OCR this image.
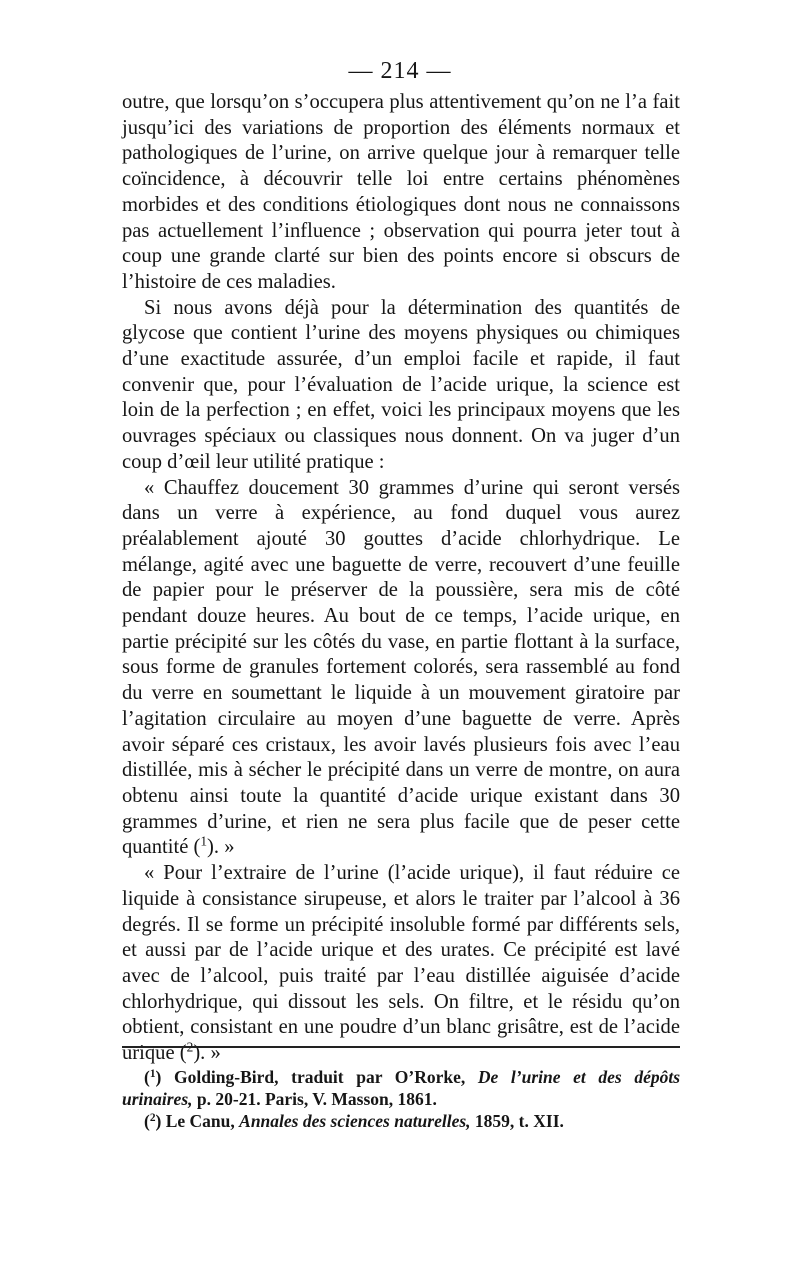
— 214 —

outre, que lorsqu’on s’occupera plus attentivement qu’on ne l’a fait jusqu’ici des variations de proportion des éléments normaux et pathologiques de l’urine, on arrive quelque jour à remarquer telle coïncidence, à découvrir telle loi entre certains phénomènes morbides et des conditions étiologiques dont nous ne connaissons pas actuellement l’influence ; observation qui pourra jeter tout à coup une grande clarté sur bien des points encore si obscurs de l’histoire de ces maladies.

Si nous avons déjà pour la détermination des quantités de glycose que contient l’urine des moyens physiques ou chimiques d’une exactitude assurée, d’un emploi facile et rapide, il faut convenir que, pour l’évaluation de l’acide urique, la science est loin de la perfection ; en effet, voici les principaux moyens que les ouvrages spéciaux ou classiques nous donnent. On va juger d’un coup d’œil leur utilité pratique :

« Chauffez doucement 30 grammes d’urine qui seront versés dans un verre à expérience, au fond duquel vous aurez préalablement ajouté 30 gouttes d’acide chlorhydrique. Le mélange, agité avec une baguette de verre, recouvert d’une feuille de papier pour le préserver de la poussière, sera mis de côté pendant douze heures. Au bout de ce temps, l’acide urique, en partie précipité sur les côtés du vase, en partie flottant à la surface, sous forme de granules fortement colorés, sera rassemblé au fond du verre en soumettant le liquide à un mouvement giratoire par l’agitation circulaire au moyen d’une baguette de verre. Après avoir séparé ces cristaux, les avoir lavés plusieurs fois avec l’eau distillée, mis à sécher le précipité dans un verre de montre, on aura obtenu ainsi toute la quantité d’acide urique existant dans 30 grammes d’urine, et rien ne sera plus facile que de peser cette quantité ($^1$). »

« Pour l’extraire de l’urine (l’acide urique), il faut réduire ce liquide à consistance sirupeuse, et alors le traiter par l’alcool à 36 degrés. Il se forme un précipité insoluble formé par différents sels, et aussi par de l’acide urique et des urates. Ce précipité est lavé avec de l’alcool, puis traité par l’eau distillée aiguisée d’acide chlorhydrique, qui dissout les sels. On filtre, et le résidu qu’on obtient, consistant en une poudre d’un blanc grisâtre, est de l’acide urique ($^2$). »

($^1$) Golding-Bird, traduit par O’Rorke, De l’urine et des dépôts urinaires, p. 20-21. Paris, V. Masson, 1861.

($^2$) Le Canu, Annales des sciences naturelles, 1859, t. XII.
